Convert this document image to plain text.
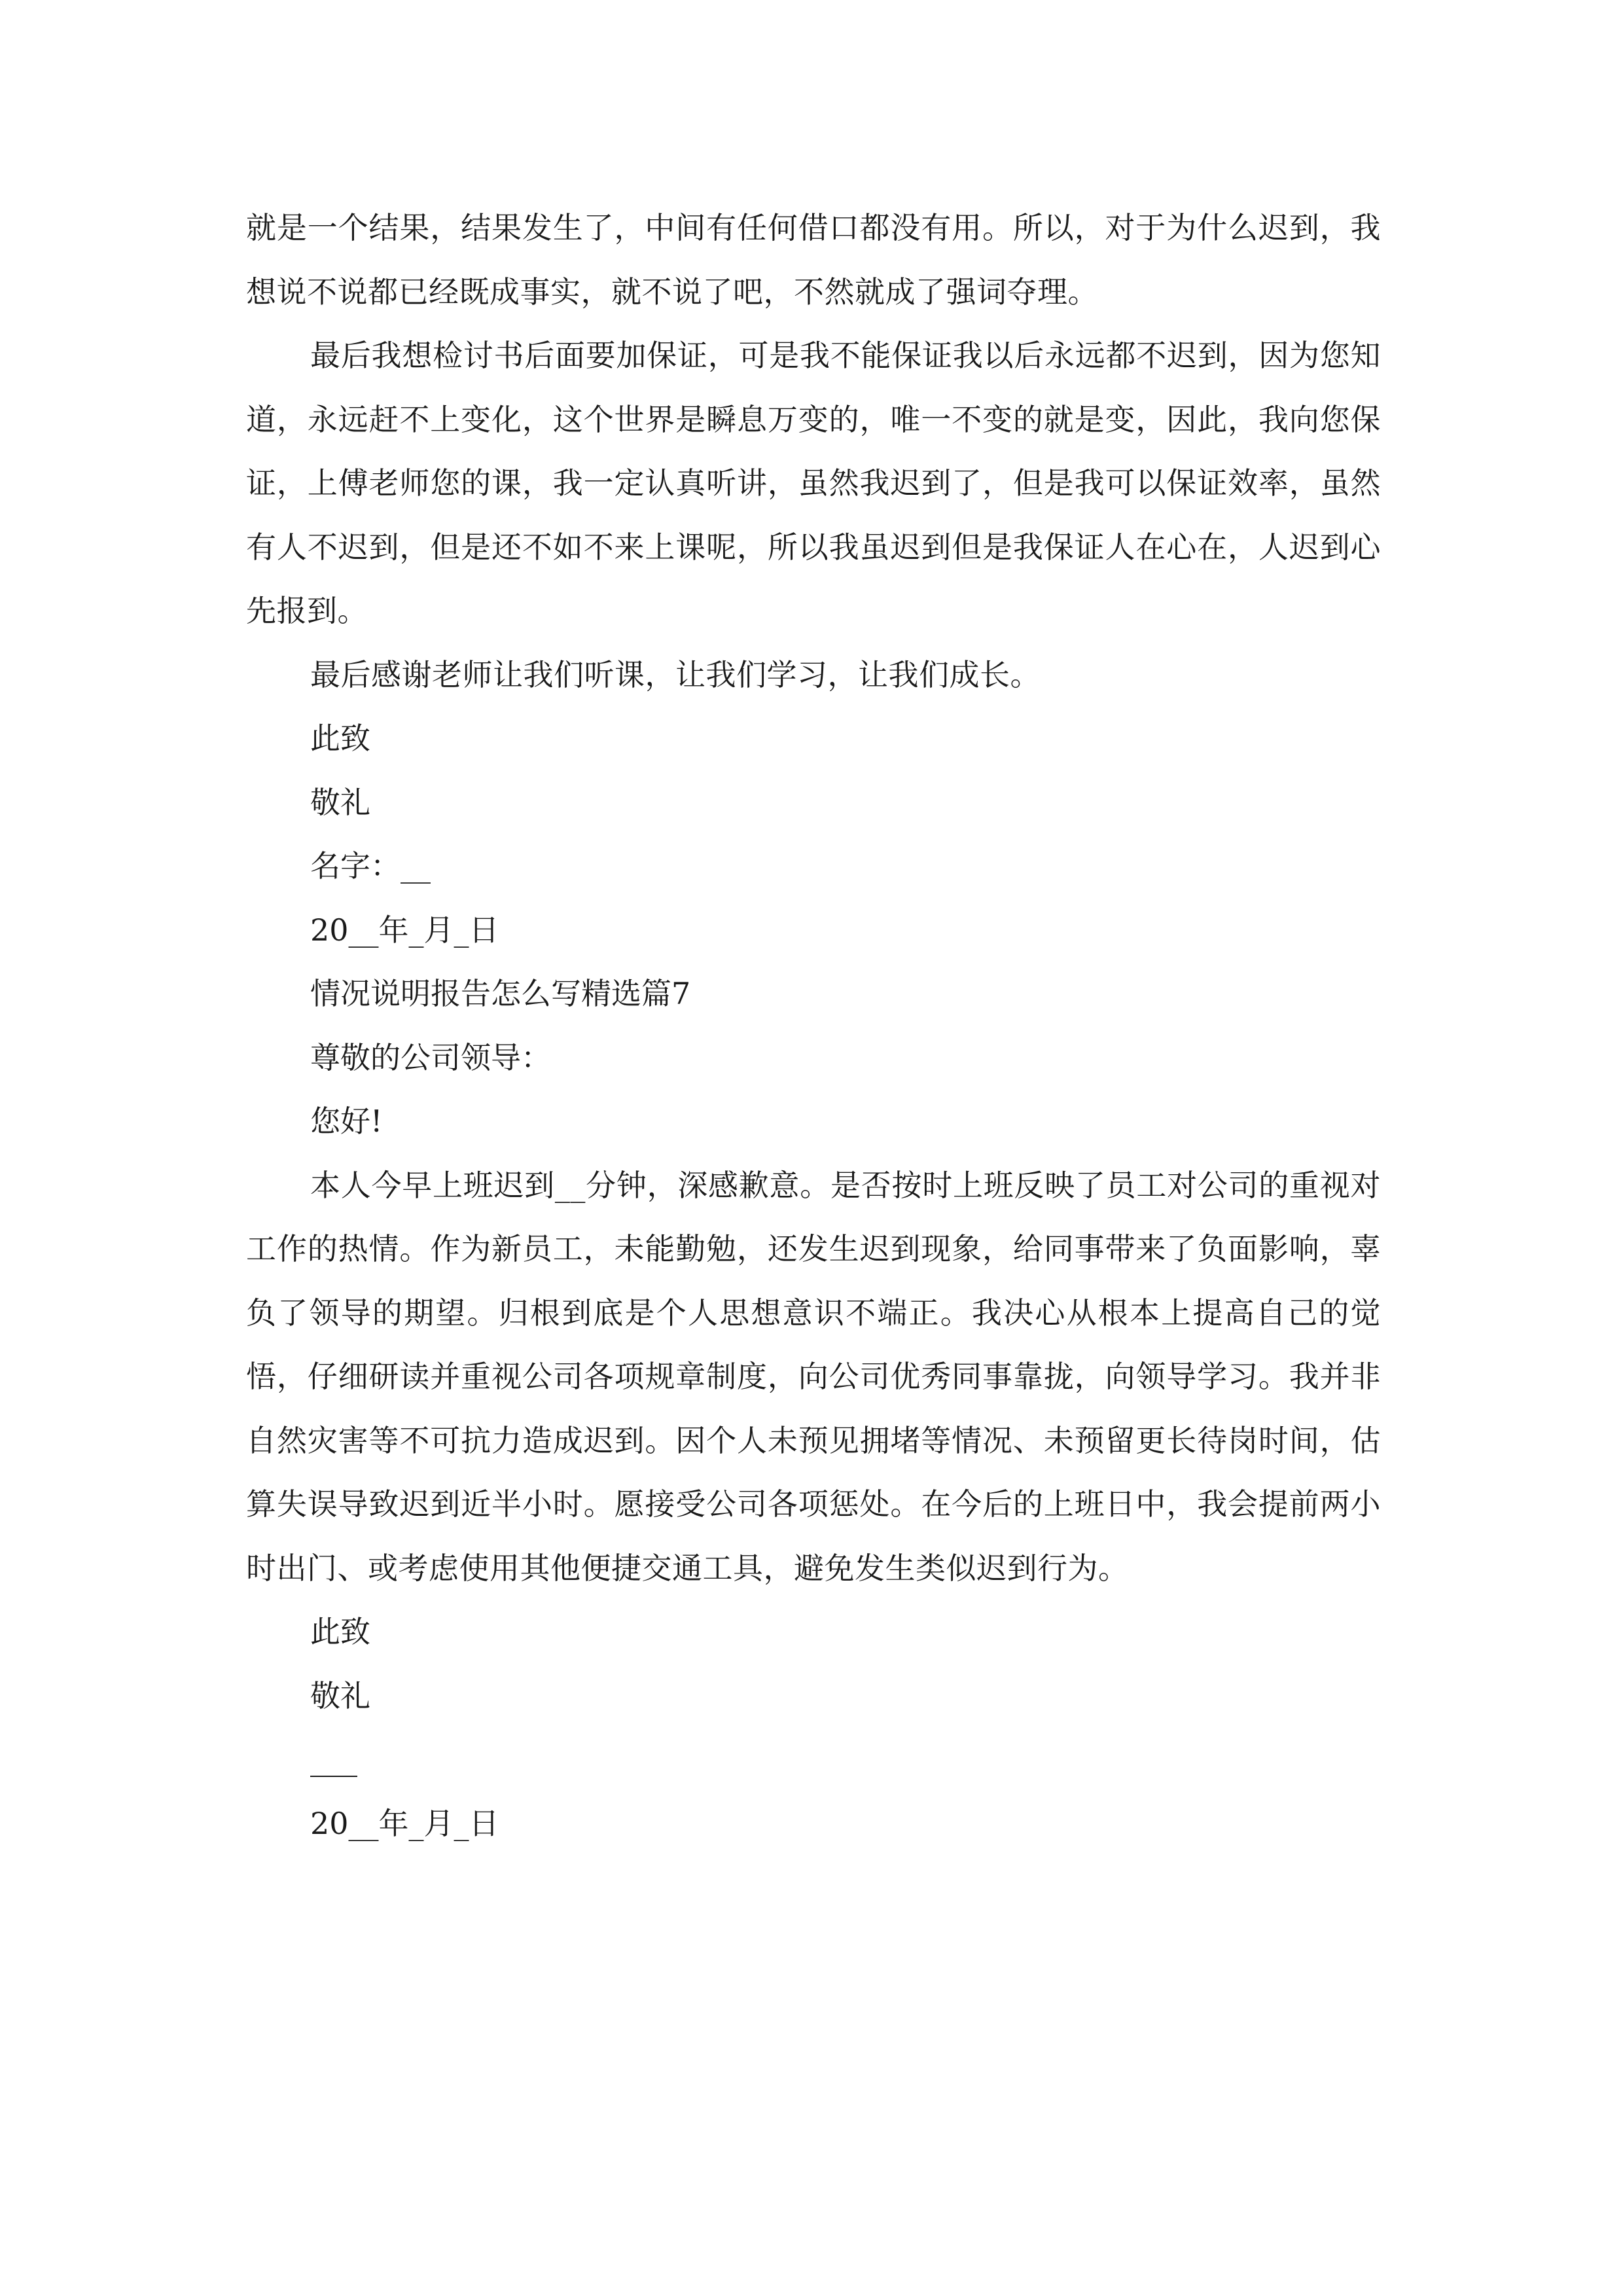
就是一个结果，结果发生了，中间有任何借口都没有用。所以，对于为什么迟到，我想说不说都已经既成事实，就不说了吧，不然就成了强词夺理。

最后我想检讨书后面要加保证，可是我不能保证我以后永远都不迟到，因为您知道，永远赶不上变化，这个世界是瞬息万变的，唯一不变的就是变，因此，我向您保证，上傅老师您的课，我一定认真听讲，虽然我迟到了，但是我可以保证效率，虽然有人不迟到，但是还不如不来上课呢，所以我虽迟到但是我保证人在心在，人迟到心先报到。

最后感谢老师让我们听课，让我们学习，让我们成长。

此致

敬礼

名字：__

20__年_月_日

情况说明报告怎么写精选篇7

尊敬的公司领导：

您好!

本人今早上班迟到__分钟，深感歉意。是否按时上班反映了员工对公司的重视对工作的热情。作为新员工，未能勤勉，还发生迟到现象，给同事带来了负面影响，辜负了领导的期望。归根到底是个人思想意识不端正。我决心从根本上提高自己的觉悟，仔细研读并重视公司各项规章制度，向公司优秀同事靠拢，向领导学习。我并非自然灾害等不可抗力造成迟到。因个人未预见拥堵等情况、未预留更长待岗时间，估算失误导致迟到近半小时。愿接受公司各项惩处。在今后的上班日中，我会提前两小时出门、或考虑使用其他便捷交通工具，避免发生类似迟到行为。

此致

敬礼

20__年_月_日
